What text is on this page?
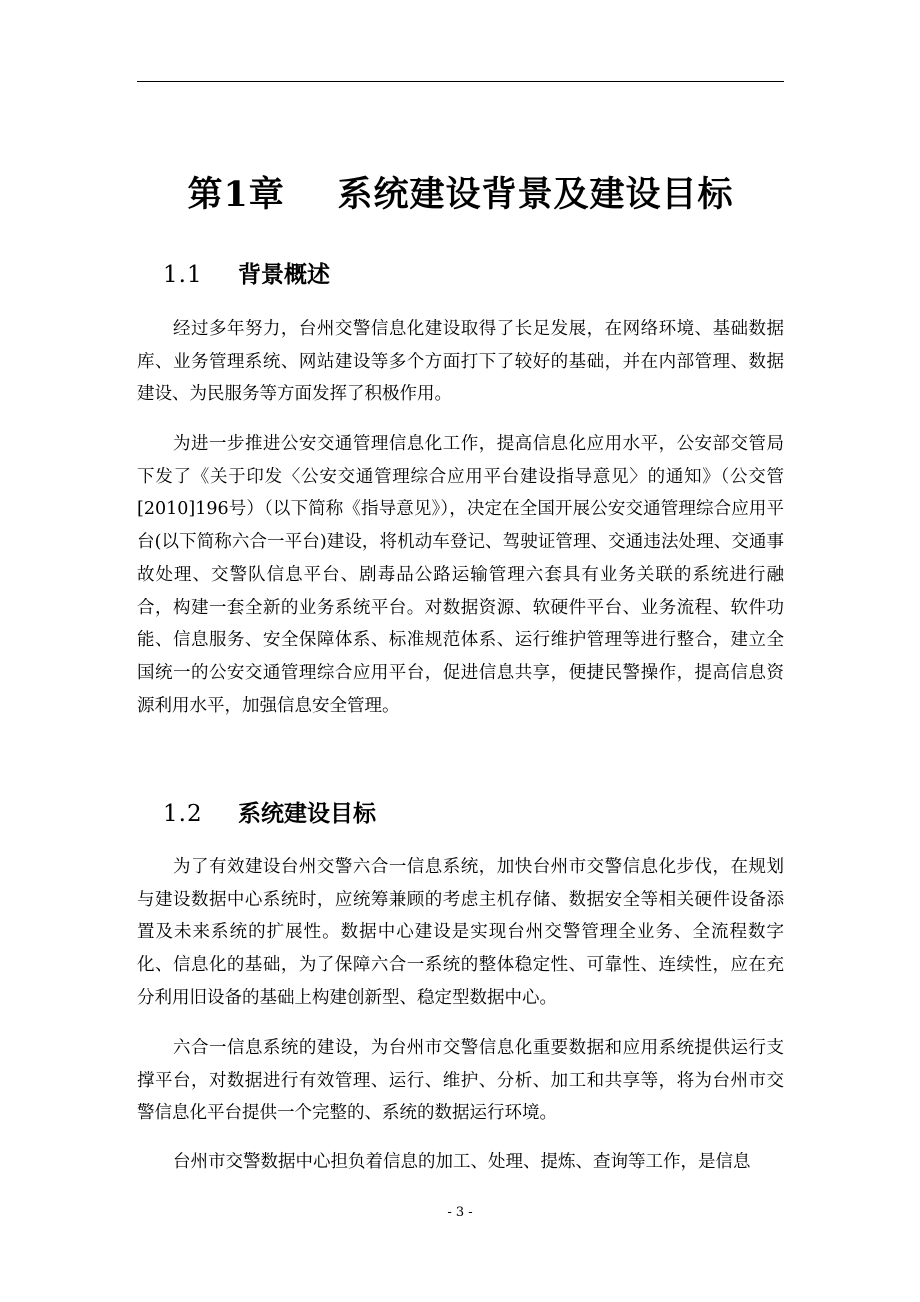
第1章 系统建设背景及建设目标
1.1 背景概述

经过多年努力，台州交警信息化建设取得了长足发展，在网络环境、基础数据库、业务管理系统、网站建设等多个方面打下了较好的基础，并在内部管理、数据建设、为民服务等方面发挥了积极作用。

为进一步推进公安交通管理信息化工作，提高信息化应用水平，公安部交管局下发了《关于印发〈公安交通管理综合应用平台建设指导意见〉的通知》（公交管[2010]196号）（以下简称《指导意见》），决定在全国开展公安交通管理综合应用平台(以下简称六合一平台)建设，将机动车登记、驾驶证管理、交通违法处理、交通事故处理、交警队信息平台、剧毒品公路运输管理六套具有业务关联的系统进行融合，构建一套全新的业务系统平台。对数据资源、软硬件平台、业务流程、软件功能、信息服务、安全保障体系、标准规范体系、运行维护管理等进行整合，建立全国统一的公安交通管理综合应用平台，促进信息共享，便捷民警操作，提高信息资源利用水平，加强信息安全管理。

1.2 系统建设目标

为了有效建设台州交警六合一信息系统，加快台州市交警信息化步伐，在规划与建设数据中心系统时，应统筹兼顾的考虑主机存储、数据安全等相关硬件设备添置及未来系统的扩展性。数据中心建设是实现台州交警管理全业务、全流程数字化、信息化的基础，为了保障六合一系统的整体稳定性、可靠性、连续性，应在充分利用旧设备的基础上构建创新型、稳定型数据中心。

六合一信息系统的建设，为台州市交警信息化重要数据和应用系统提供运行支撑平台，对数据进行有效管理、运行、维护、分析、加工和共享等，将为台州市交警信息化平台提供一个完整的、系统的数据运行环境。

台州市交警数据中心担负着信息的加工、处理、提炼、查询等工作，是信息

- 3 -
